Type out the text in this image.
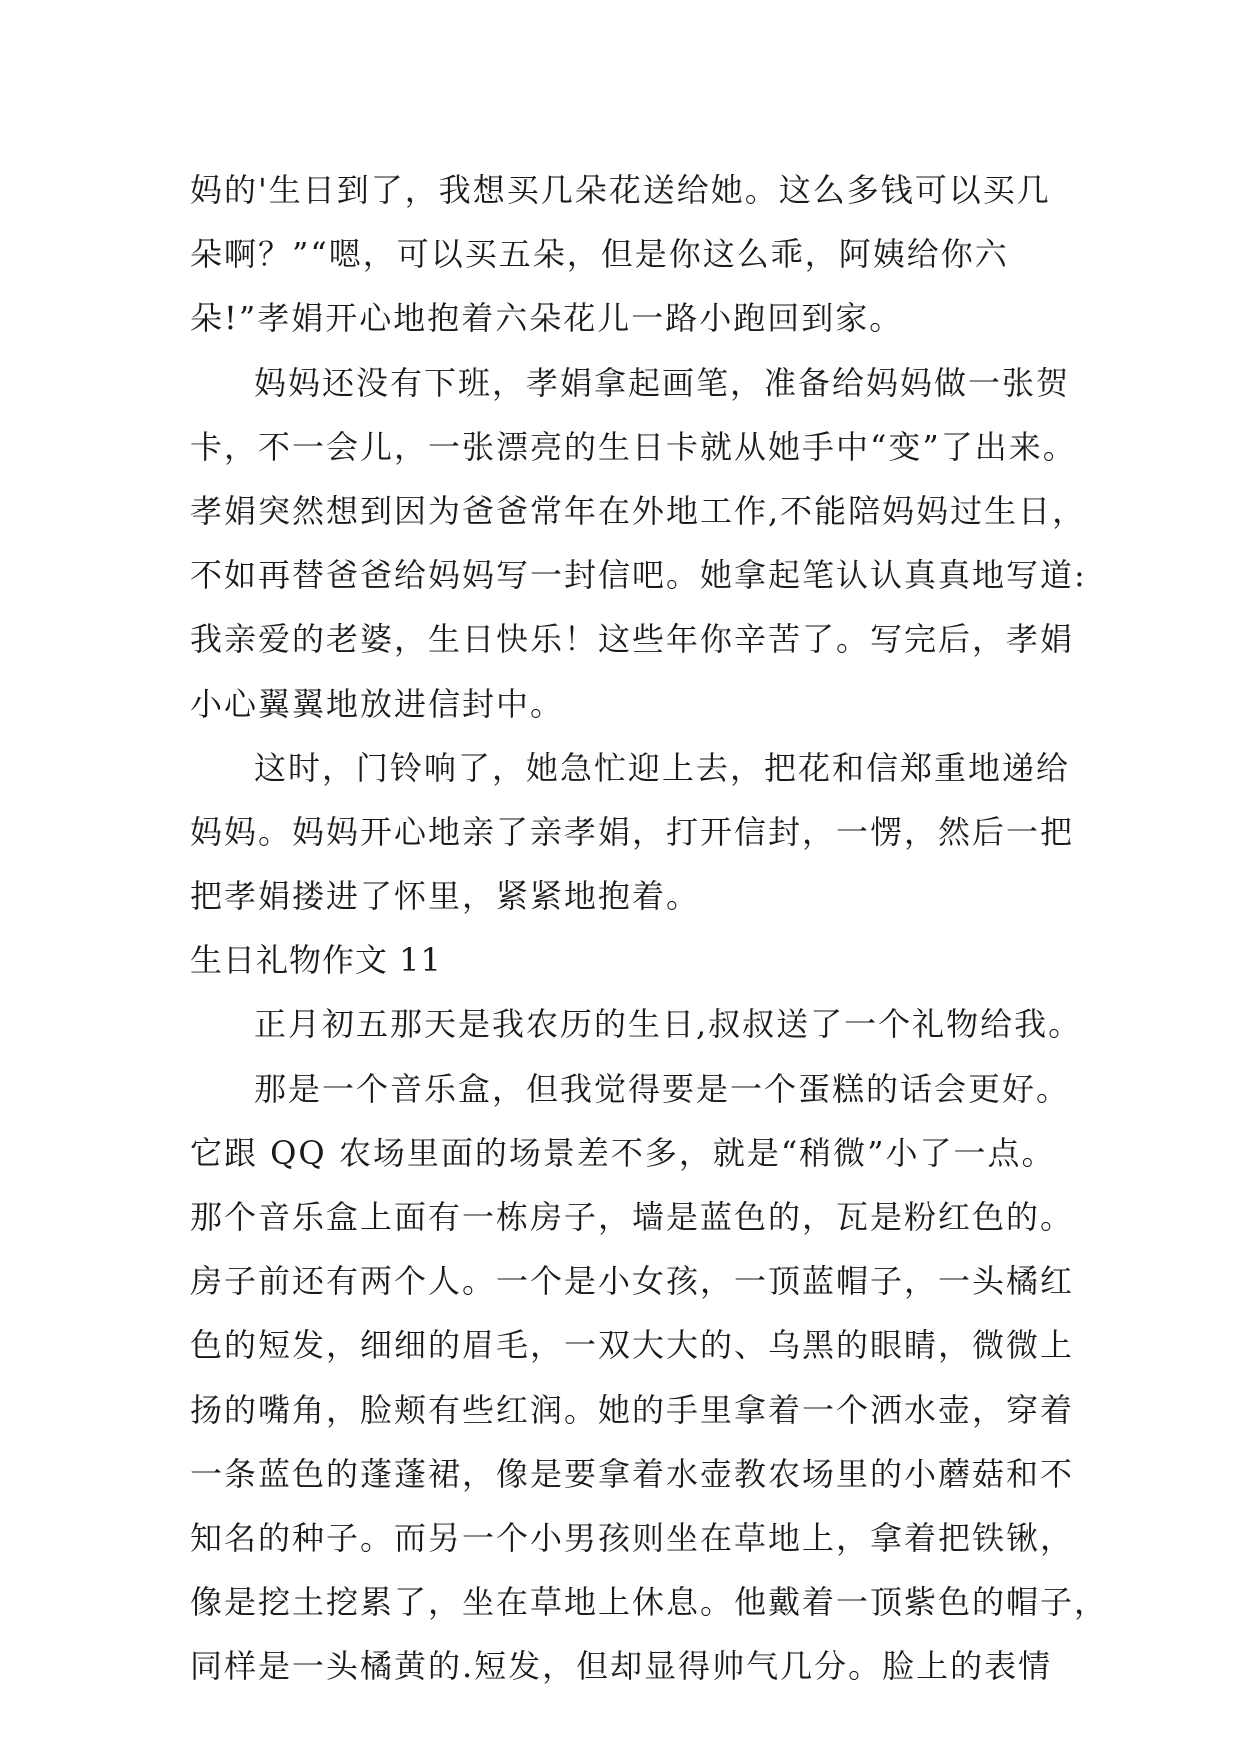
妈的'生日到了，我想买几朵花送给她。这么多钱可以买几
朵啊？”“嗯，可以买五朵，但是你这么乖，阿姨给你六
朵!”孝娟开心地抱着六朵花儿一路小跑回到家。
妈妈还没有下班，孝娟拿起画笔，准备给妈妈做一张贺
卡，不一会儿，一张漂亮的生日卡就从她手中“变”了出来。
孝娟突然想到因为爸爸常年在外地工作,不能陪妈妈过生日，
不如再替爸爸给妈妈写一封信吧。她拿起笔认认真真地写道:
我亲爱的老婆，生日快乐！这些年你辛苦了。写完后，孝娟
小心翼翼地放进信封中。
这时，门铃响了，她急忙迎上去，把花和信郑重地递给
妈妈。妈妈开心地亲了亲孝娟，打开信封，一愣，然后一把
把孝娟搂进了怀里，紧紧地抱着。
生日礼物作文 11
正月初五那天是我农历的生日,叔叔送了一个礼物给我。
那是一个音乐盒，但我觉得要是一个蛋糕的话会更好。
它跟 QQ 农场里面的场景差不多，就是“稍微”小了一点。
那个音乐盒上面有一栋房子，墙是蓝色的，瓦是粉红色的。
房子前还有两个人。一个是小女孩，一顶蓝帽子，一头橘红
色的短发，细细的眉毛，一双大大的、乌黑的眼睛，微微上
扬的嘴角，脸颊有些红润。她的手里拿着一个洒水壶，穿着
一条蓝色的蓬蓬裙，像是要拿着水壶教农场里的小蘑菇和不
知名的种子。而另一个小男孩则坐在草地上，拿着把铁锹，
像是挖土挖累了，坐在草地上休息。他戴着一顶紫色的帽子，
同样是一头橘黄的.短发，但却显得帅气几分。脸上的表情
